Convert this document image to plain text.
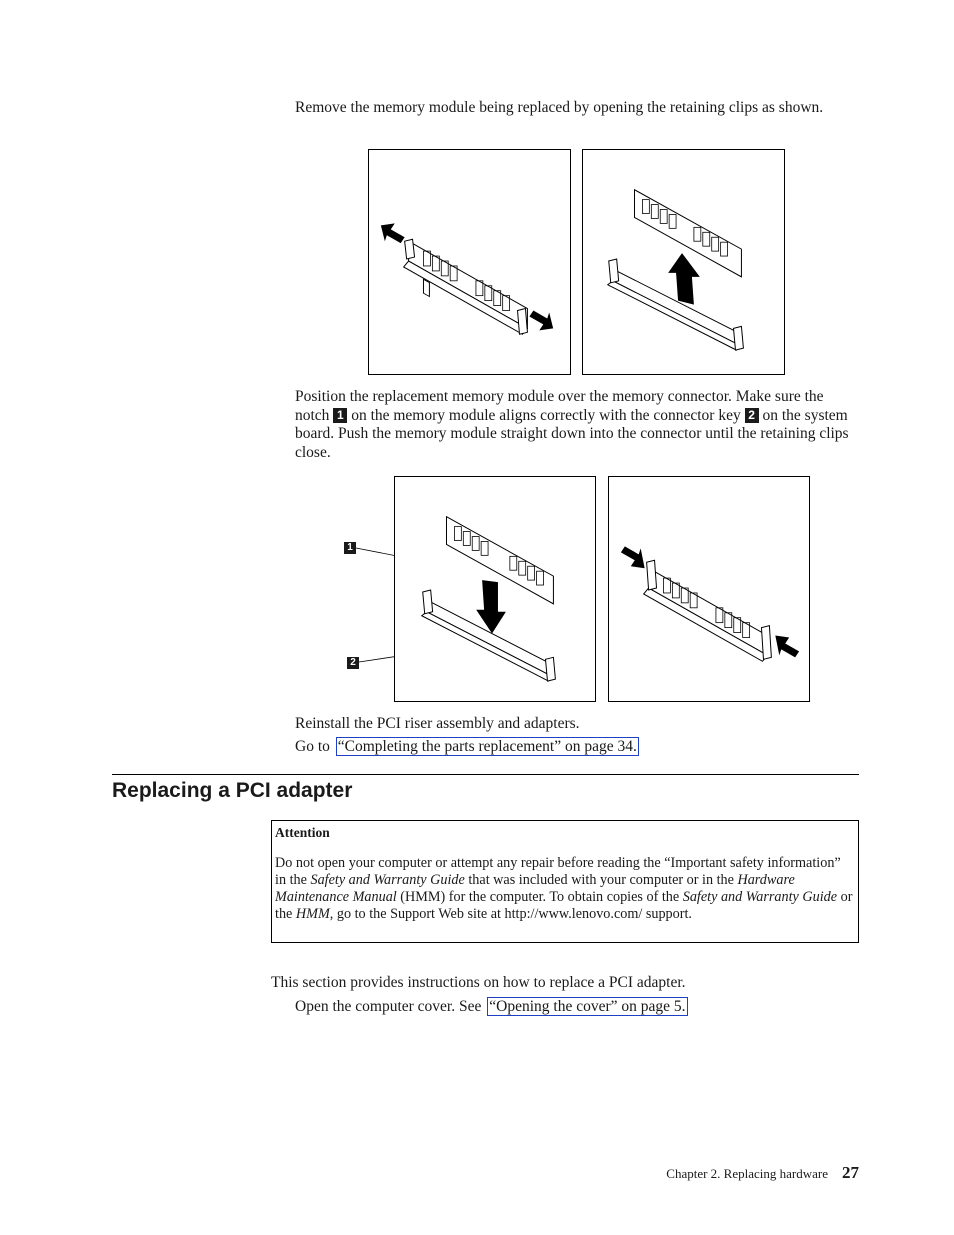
Remove the memory module being replaced by opening the retaining clips as shown.
Position the replacement memory module over the memory connector. Make sure the notch 1 on the memory module aligns correctly with the connector key 2 on the system board. Push the memory module straight down into the connector until the retaining clips close.
1
2
Reinstall the PCI riser assembly and adapters.
Go to “Completing the parts replacement” on page 34.
Replacing a PCI adapter
Attention
Do not open your computer or attempt any repair before reading the “Important safety information” in the Safety and Warranty Guide that was included with your computer or in the Hardware Maintenance Manual (HMM) for the computer. To obtain copies of the Safety and Warranty Guide or the HMM, go to the Support Web site at http://www.lenovo.com/ support.
This section provides instructions on how to replace a PCI adapter.
Open the computer cover. See “Opening the cover” on page 5.
Chapter 2. Replacing hardware 27
